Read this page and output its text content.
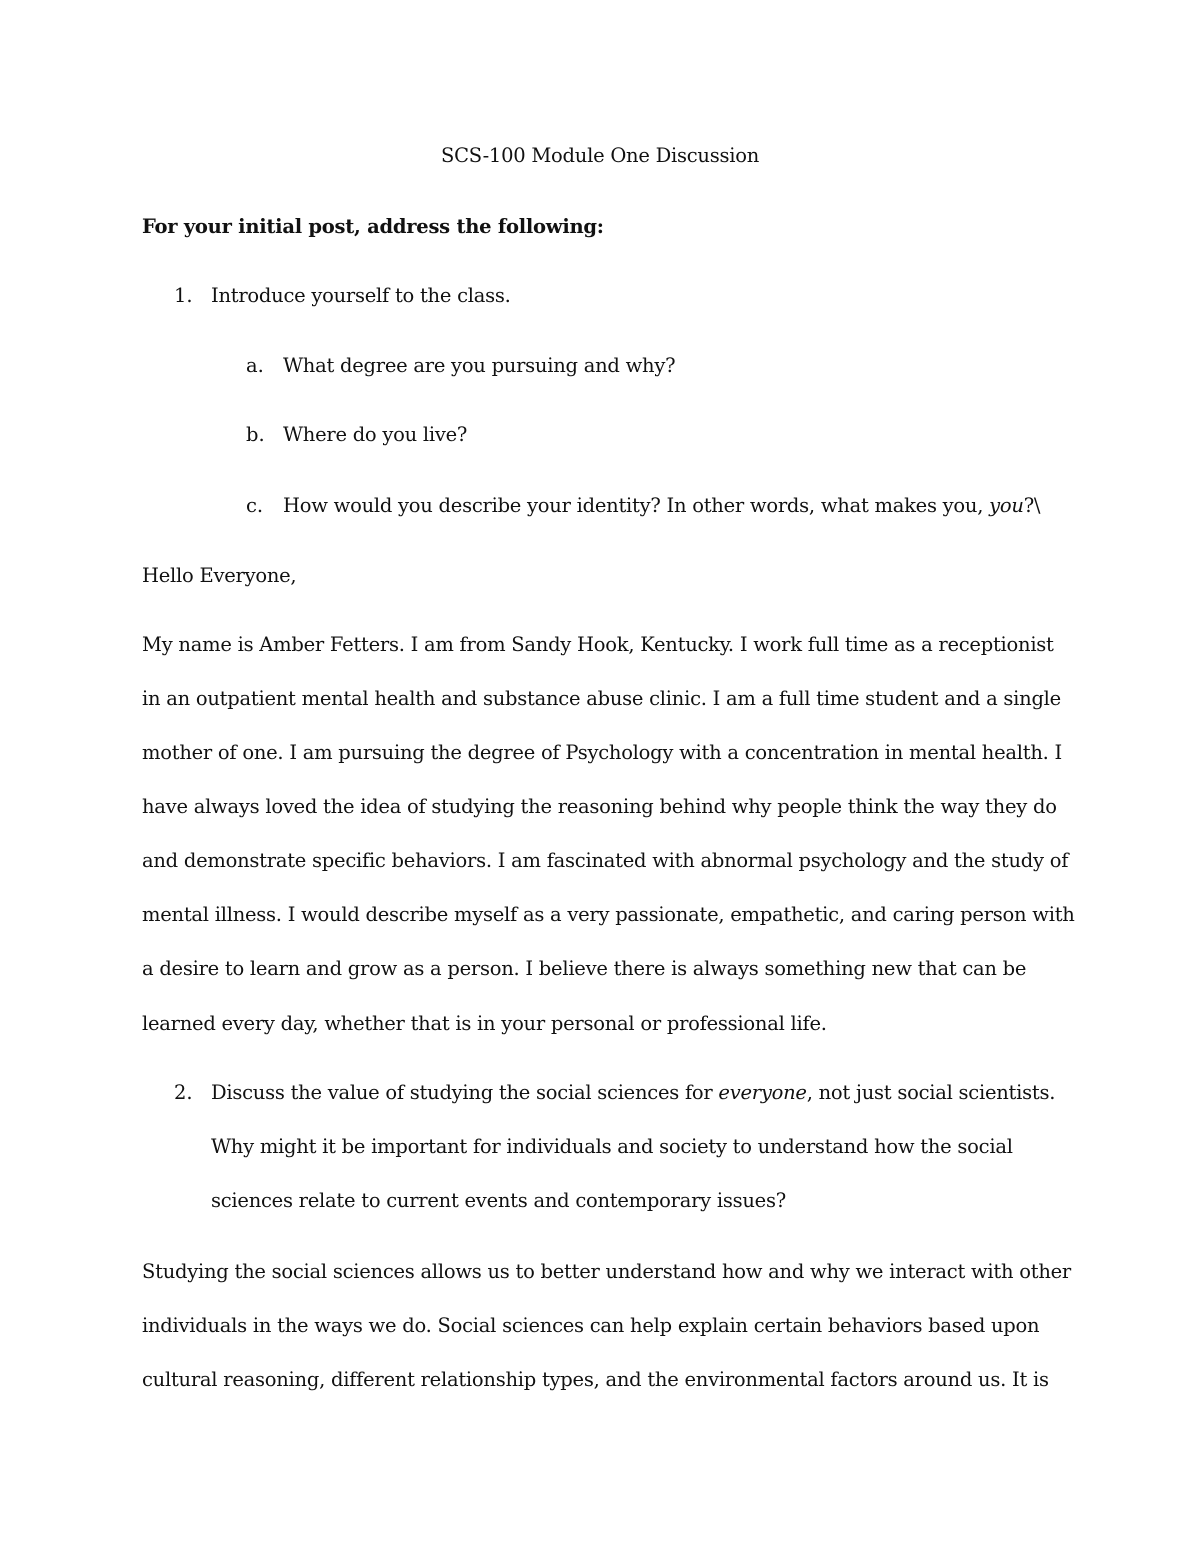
SCS-100 Module One Discussion

For your initial post, address the following:

1. Introduce yourself to the class.

a. What degree are you pursuing and why?

b. Where do you live?

c. How would you describe your identity? In other words, what makes you, you?\

Hello Everyone,

My name is Amber Fetters. I am from Sandy Hook, Kentucky. I work full time as a receptionist

in an outpatient mental health and substance abuse clinic. I am a full time student and a single

mother of one. I am pursuing the degree of Psychology with a concentration in mental health. I

have always loved the idea of studying the reasoning behind why people think the way they do

and demonstrate specific behaviors. I am fascinated with abnormal psychology and the study of

mental illness. I would describe myself as a very passionate, empathetic, and caring person with

a desire to learn and grow as a person. I believe there is always something new that can be

learned every day, whether that is in your personal or professional life.

2. Discuss the value of studying the social sciences for everyone, not just social scientists.

Why might it be important for individuals and society to understand how the social

sciences relate to current events and contemporary issues?

Studying the social sciences allows us to better understand how and why we interact with other

individuals in the ways we do. Social sciences can help explain certain behaviors based upon

cultural reasoning, different relationship types, and the environmental factors around us. It is
